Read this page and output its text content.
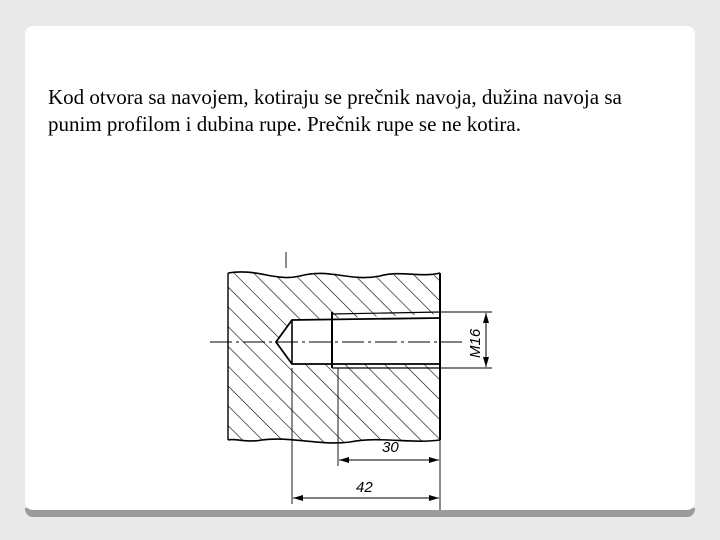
Kod otvora sa navojem, kotiraju se prečnik navoja, dužina navoja sa punim profilom i dubina rupe. Prečnik rupe se ne kotira.

M16
30
42
